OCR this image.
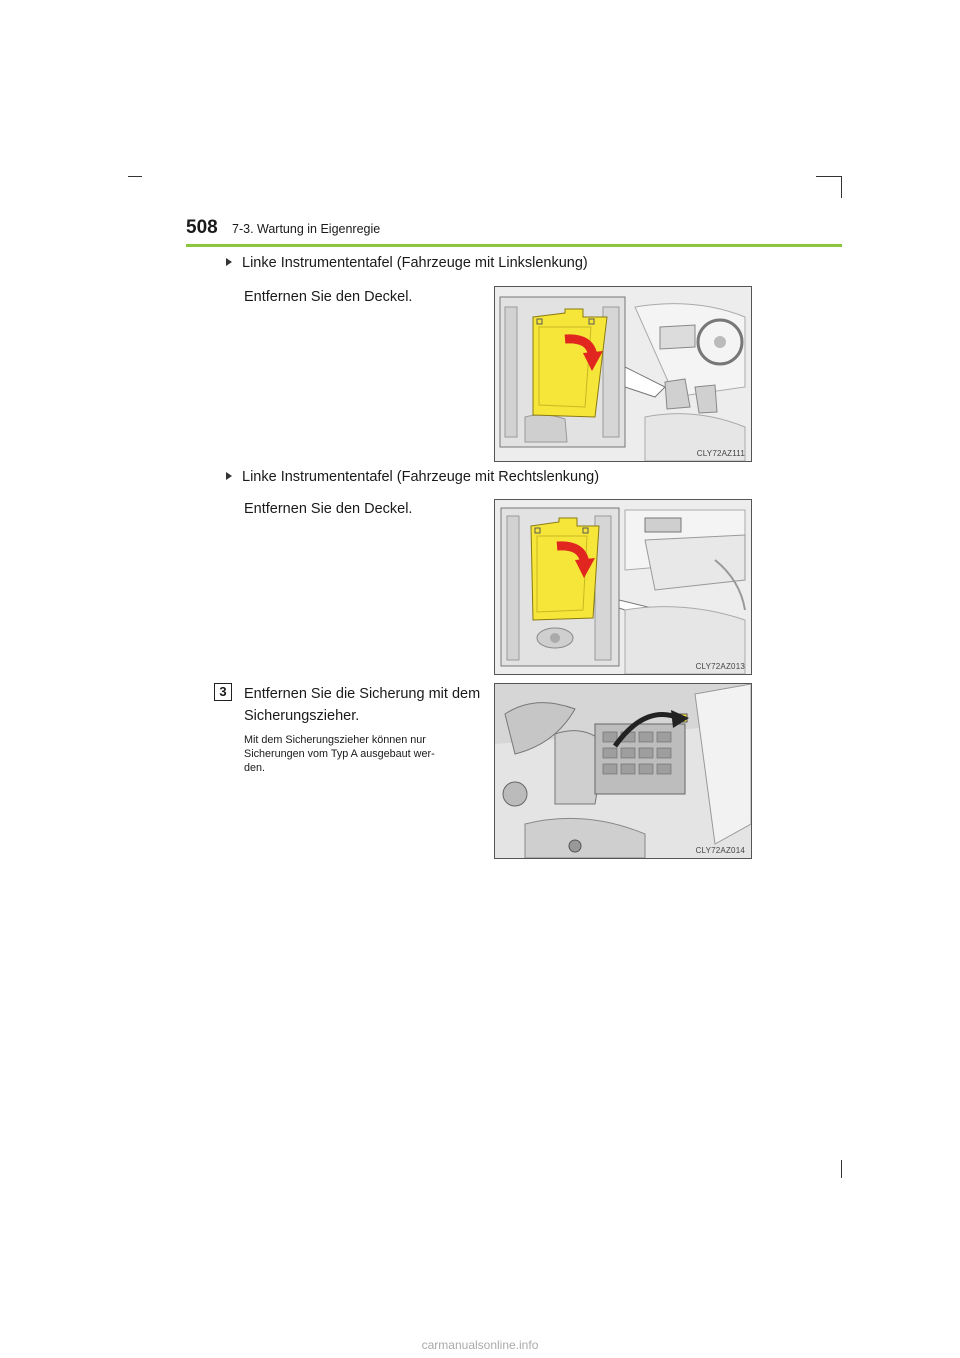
508 7-3. Wartung in Eigenregie
Linke Instrumententafel (Fahrzeuge mit Linkslenkung)
Entfernen Sie den Deckel.
CLY72AZ111
Linke Instrumententafel (Fahrzeuge mit Rechtslenkung)
Entfernen Sie den Deckel.
CLY72AZ013
3	Entfernen Sie die Sicherung mit dem
Sicherungszieher.
Mit dem Sicherungszieher können nur
Sicherungen vom Typ A ausgebaut wer-
den.
CLY72AZ014
carmanualsonline.info
